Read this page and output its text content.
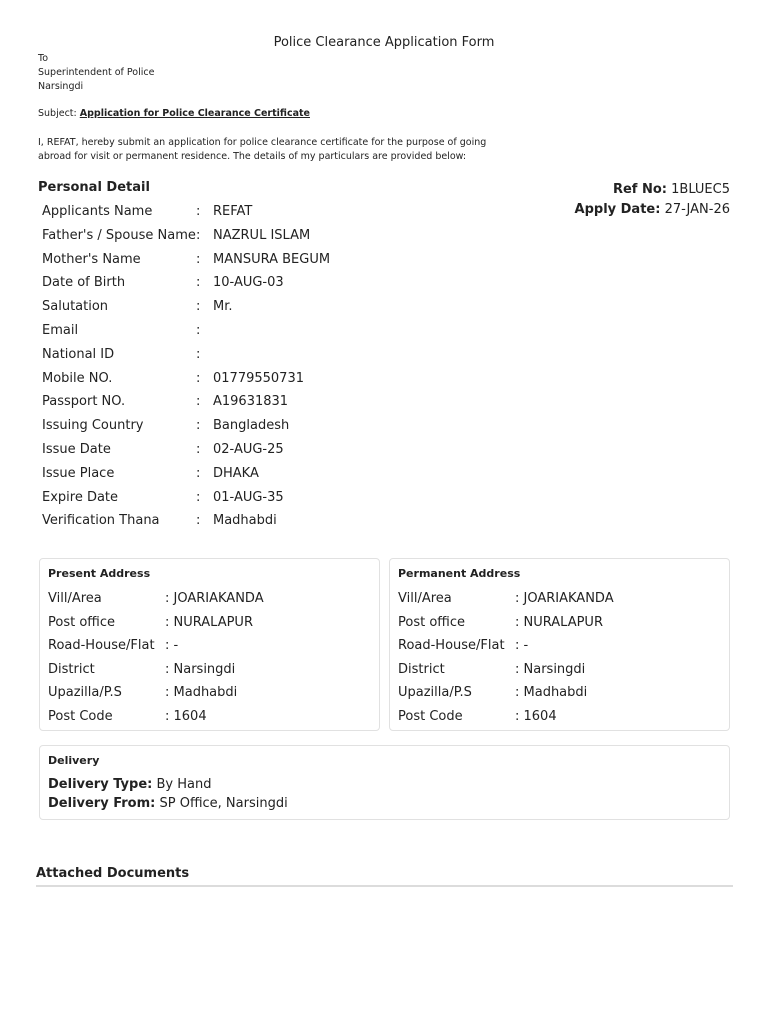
Police Clearance Application Form
To
Superintendent of Police
Narsingdi
Subject: Application for Police Clearance Certificate
I, REFAT, hereby submit an application for police clearance certificate for the purpose of going abroad for visit or permanent residence. The details of my particulars are provided below:
Personal Detail	Ref No: 1BLUEC5
Apply Date: 27-JAN-26
Applicants Name	: REFAT
Father's / Spouse Name : NAZRUL ISLAM
Mother's Name	: MANSURA BEGUM
Date of Birth	: 10-AUG-03
Salutation	: Mr.
Email	:
National ID	:
Mobile NO.	: 01779550731
Passport NO.	: A19631831
Issuing Country	: Bangladesh
Issue Date	: 02-AUG-25
Issue Place	: DHAKA
Expire Date	: 01-AUG-35
Verification Thana	: Madhabdi
Present Address
Vill/Area	: JOARIAKANDA
Post office	: NURALAPUR
Road-House/Flat : -
District	: Narsingdi
Upazilla/P.S	: Madhabdi
Post Code	: 1604
Permanent Address
Vill/Area	: JOARIAKANDA
Post office	: NURALAPUR
Road-House/Flat : -
District	: Narsingdi
Upazilla/P.S	: Madhabdi
Post Code	: 1604
Delivery
Delivery Type: By Hand
Delivery From: SP Office, Narsingdi
Attached Documents
